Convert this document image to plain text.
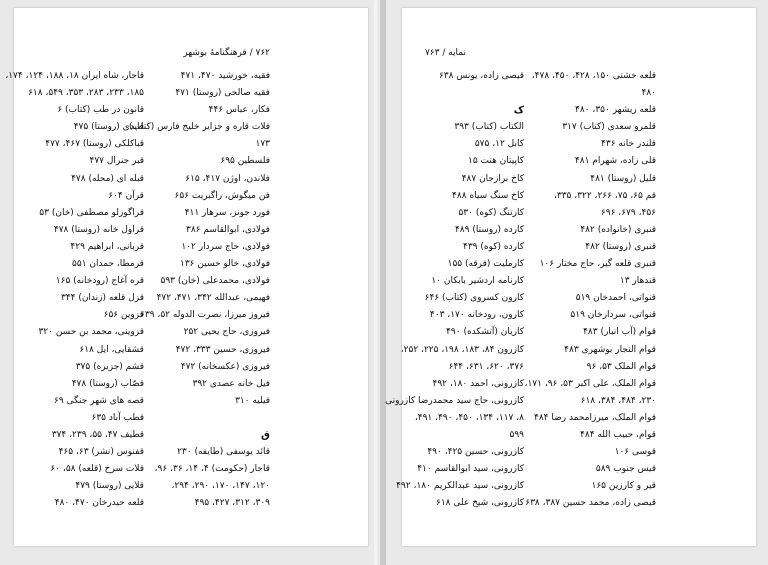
۷۶۲ / فرهنگنامهٔ بوشهر
فقیه، خورشید ۴۷۰، ۴۷۱
فقیه صالحی (روستا) ۴۷۱
فکار، عباس ۴۴۶
فلات قاره و جزایر خلیج فارس (کتاب)
۱۷۳
فلسطین ۶۹۵
فلاندن، اوژن ۴۱۷، ۶۱۵
فن میگوش، راگبریت ۶۵۶
فورد جونز، سرهار ۴۱۱
فولادی، ابوالقاسم ۳۸۶
فولادی، حاج سردار ۱۰۲
فولادی، خالو حسین ۱۳۶
فولادی، محمدعلی (خان) ۵۹۳
فهیمی، عبدالله ۳۴۲، ۴۷۱، ۴۷۲
فیروز میرزا، نصرت الدوله ۵۲، ۶۳۹
فیروزی، حاج یحیی ۲۵۲
فیروزی، حسین ۳۳۳، ۴۷۲
فیروزی (عکسخانه) ۴۷۲
فیل خانه عصدی ۳۹۲
فیلیه ۳۱۰
ق
قائد یوسفی (طایفه) ۲۳۰
قاجار (حکومت) ۴، ۱۴، ۳۶، ۹۶،
۱۲۰، ۱۴۷، ۱۷۰، ۲۹۰، ۲۹۴،
۳۰۹، ۳۱۲، ۴۲۷، ۴۹۵
قاجار، شاه ایران ۱۸، ۱۸۸، ۱۲۴، ۱۷۴،
۱۸۵، ۲۳۳، ۲۸۳، ۳۵۳، ۵۴۹، ۶۱۸
قانون در طب (کتاب) ۶
قایدی (روستا) ۴۷۵
قباکلکی (روستا) ۴۶۷، ۴۷۷
قبر جنرال ۴۷۷
قبله ای (محله) ۴۷۸
قرآن ۶۰۴
قراگوزلو مصطفی (خان) ۵۳
قراول خانه (روستا) ۴۷۸
قربانی، ابراهیم ۴۲۹
قرمطا، حمدان ۵۵۱
قره آغاج (رودخانه) ۱۶۵
قزل قلعه (زندان) ۳۴۴
قزوین ۶۵۶
قزوینی، محمد بن حسن ۳۲۰
قشقایی، ایل ۶۱۸
قشم (جزیره) ۳۷۵
قصّاب (روستا) ۴۷۸
قصه های شهر جنگی ۶۹
قطب آباد ۶۳۵
قطیف ۴۷، ۵۵، ۲۳۹، ۳۷۴
قفنوس (نشر) ۶۳، ۴۶۵
قلات سرخ (قلعه) ۵۸، ۶۰
قلایی (روستا) ۴۷۹
قلعه حیدرخان ۴۷۰، ۴۸۰
نمایه / ۷۶۳
قلعه خشتی ۱۵۰، ۴۲۸، ۴۵۰، ۴۷۸،
۴۸۰
قلعه ریشهر ۳۵۰، ۴۸۰
قلمرو سعدی (کتاب) ۳۱۷
قلندر خانه ۴۳۶
قلی زاده، شهرام ۴۸۱
قلیل (روستا) ۴۸۱
قم ۶۵، ۷۵، ۲۶۶، ۳۲۲، ۳۳۵،
۴۵۶، ۶۷۹، ۶۹۶
قنبری (خانواده) ۴۸۲
قنبری (روستا) ۴۸۲
قنبری قلعه گیر، حاج مختار ۱۰۶
قندهار ۱۳
قنواتی، احمدخان ۵۱۹
قنواتی، سردارخان ۵۱۹
قوام (آب انبار) ۴۸۳
قوام التجار بوشهری ۴۸۳
قوام الملک ۵۳، ۹۶
قوام الملک، علی اکبر ۵۳، ۹۶، ۱۷۱،
۲۳۰، ۴۸۴، ۳۸۴، ۶۱۸
قوام الملک، میرزامحمد رضا ۴۸۴
قوام، حبیب الله ۴۸۴
قوسی ۱۰۶
قیس جنوب ۵۸۹
قیر و کارزین ۱۶۵
قیصی زاده، محمد حسین ۳۸۷، ۶۳۸
قیصی زاده، یونس ۶۳۸
ک
الکتاب (کتاب) ۳۹۳
کابل ۱۲، ۵۷۵
کاپیتان هنت ۱۵
کاخ برازجان ۴۸۷
کاخ سنگ سیاه ۴۸۸
کارتنگ (کوه) ۵۳۰
کارده (روستا) ۴۸۹
کارده (کوه) ۴۳۹
کارملیت (فرقه) ۱۵۵
کارنامه اردشیر بابکان ۱۰
کارون کسروی (کتاب) ۶۴۶
کارون، رودخانه ۱۷۰، ۴۰۳
کاریان (آتشکده) ۴۹۰
کازرون ۸۴، ۱۸۳، ۱۹۸، ۲۲۵، ۲۵۲،
۳۷۶، ۶۲۰، ۶۳۱، ۶۴۴
کازرونی، احمد ۱۸۰، ۴۹۲
کازرونی، حاج سید محمدرضا کازرونی
۸، ۱۱۷، ۱۳۴، ۴۵۰، ۴۹۰، ۴۹۱،
۵۹۹
کازرونی، حسین ۴۲۵، ۴۹۰
کازرونی، سید ابوالقاسم ۴۱۰
کازرونی، سید عبدالکریم ۱۸۰، ۴۹۲
کازرونی، شیخ علی ۶۱۸
